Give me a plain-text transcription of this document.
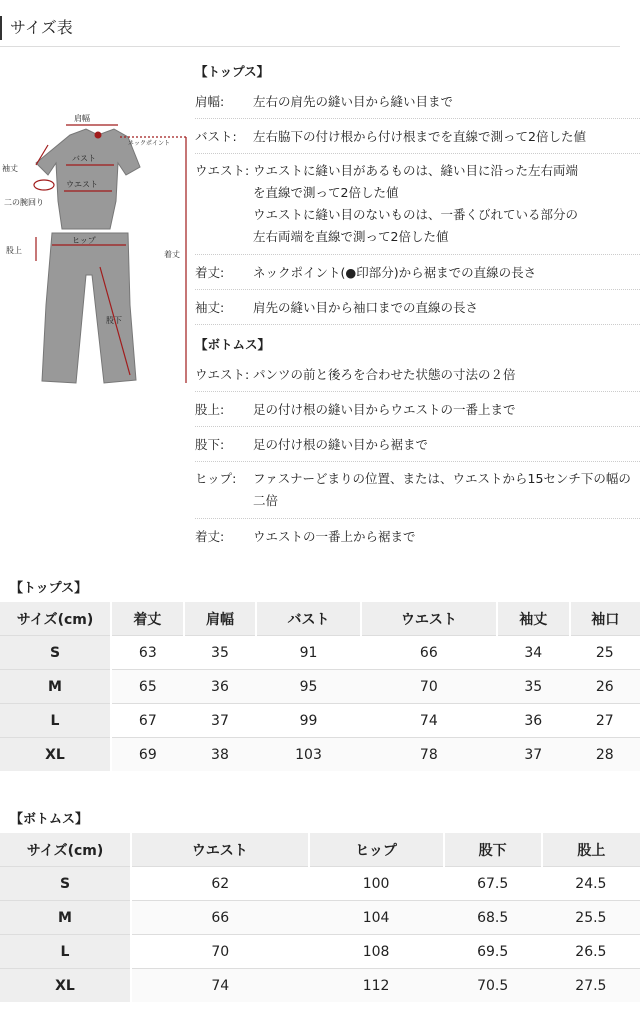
サイズ表
肩幅
ネックポイント
袖丈
バスト
ウエスト
二の腕回り
股上
ヒップ
着丈
股下
【トップス】
肩幅:	左右の肩先の縫い目から縫い目まで
バスト:	左右脇下の付け根から付け根までを直線で測って2倍した値
ウエスト: ウエストに縫い目があるものは、縫い目に沿った左右両端
を直線で測って2倍した値
ウエストに縫い目のないものは、一番くびれている部分の
左右両端を直線で測って2倍した値
着丈:	ネックポイント(●印部分)から裾までの直線の長さ
袖丈:	肩先の縫い目から袖口までの直線の長さ
【ボトムス】
ウエスト: パンツの前と後ろを合わせた状態の寸法の２倍
股上:	足の付け根の縫い目からウエストの一番上まで
股下:	足の付け根の縫い目から裾まで
ヒップ:	ファスナーどまりの位置、または、ウエストから15センチ下の幅の
二倍
着丈:	ウエストの一番上から裾まで
【トップス】
サイズ(cm)	着丈	肩幅	バスト	ウエスト	袖丈	袖口
S	63	35	91	66	34	25
M	65	36	95	70	35	26
L	67	37	99	74	36	27
XL	69	38	103	78	37	28
【ボトムス】
サイズ(cm)	ウエスト	ヒップ	股下	股上
S	62	100	67.5	24.5
M	66	104	68.5	25.5
L	70	108	69.5	26.5
XL	74	112	70.5	27.5
